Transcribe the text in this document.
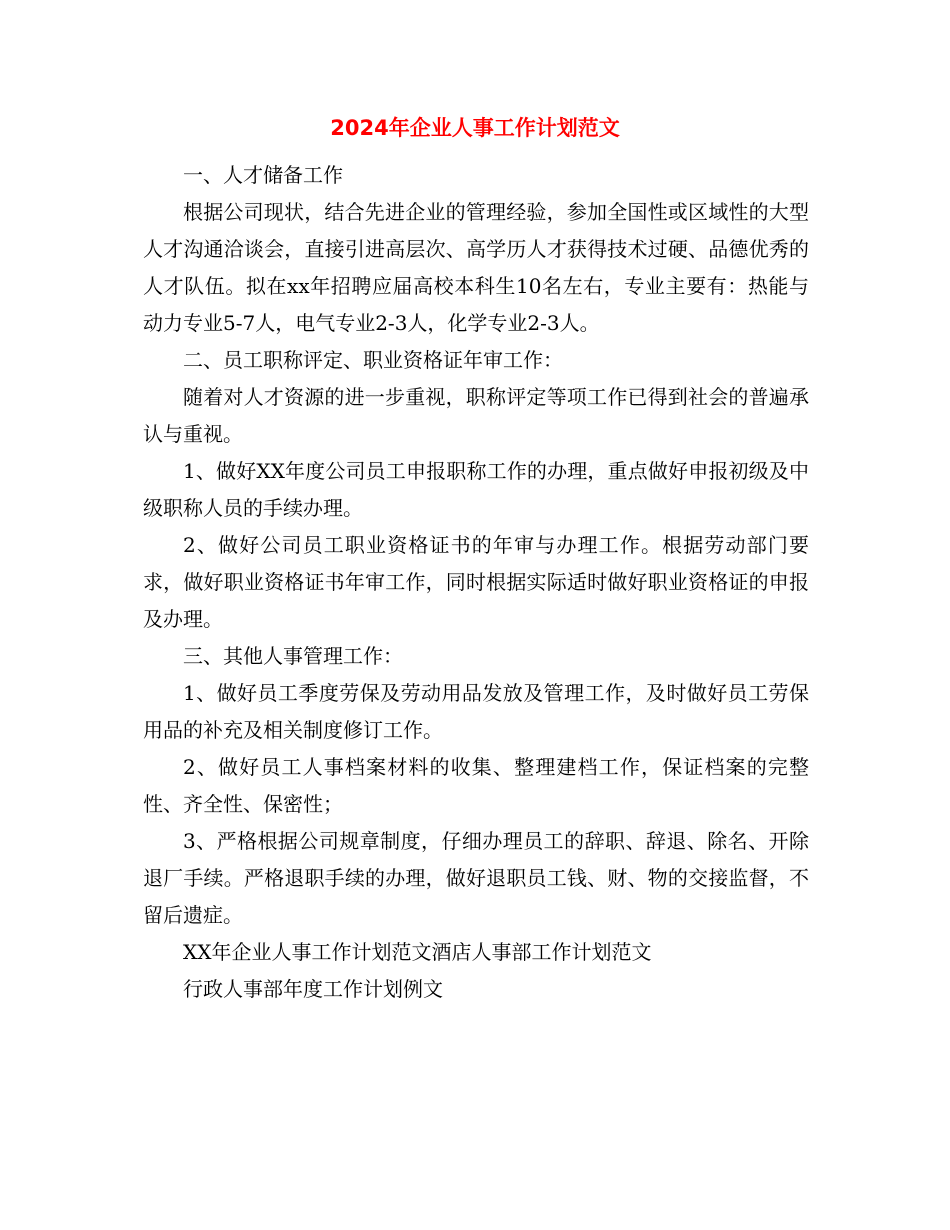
2024年企业人事工作计划范文

一、人才储备工作

根据公司现状，结合先进企业的管理经验，参加全国性或区域性的大型人才沟通洽谈会，直接引进高层次、高学历人才获得技术过硬、品德优秀的人才队伍。拟在xx年招聘应届高校本科生10名左右，专业主要有：热能与动力专业5-7人，电气专业2-3人，化学专业2-3人。

二、员工职称评定、职业资格证年审工作：

随着对人才资源的进一步重视，职称评定等项工作已得到社会的普遍承认与重视。

1、做好XX年度公司员工申报职称工作的办理，重点做好申报初级及中级职称人员的手续办理。

2、做好公司员工职业资格证书的年审与办理工作。根据劳动部门要求，做好职业资格证书年审工作，同时根据实际适时做好职业资格证的申报及办理。

三、其他人事管理工作：

1、做好员工季度劳保及劳动用品发放及管理工作，及时做好员工劳保用品的补充及相关制度修订工作。

2、做好员工人事档案材料的收集、整理建档工作，保证档案的完整性、齐全性、保密性；

3、严格根据公司规章制度，仔细办理员工的辞职、辞退、除名、开除退厂手续。严格退职手续的办理，做好退职员工钱、财、物的交接监督，不留后遗症。

XX年企业人事工作计划范文酒店人事部工作计划范文

行政人事部年度工作计划例文
